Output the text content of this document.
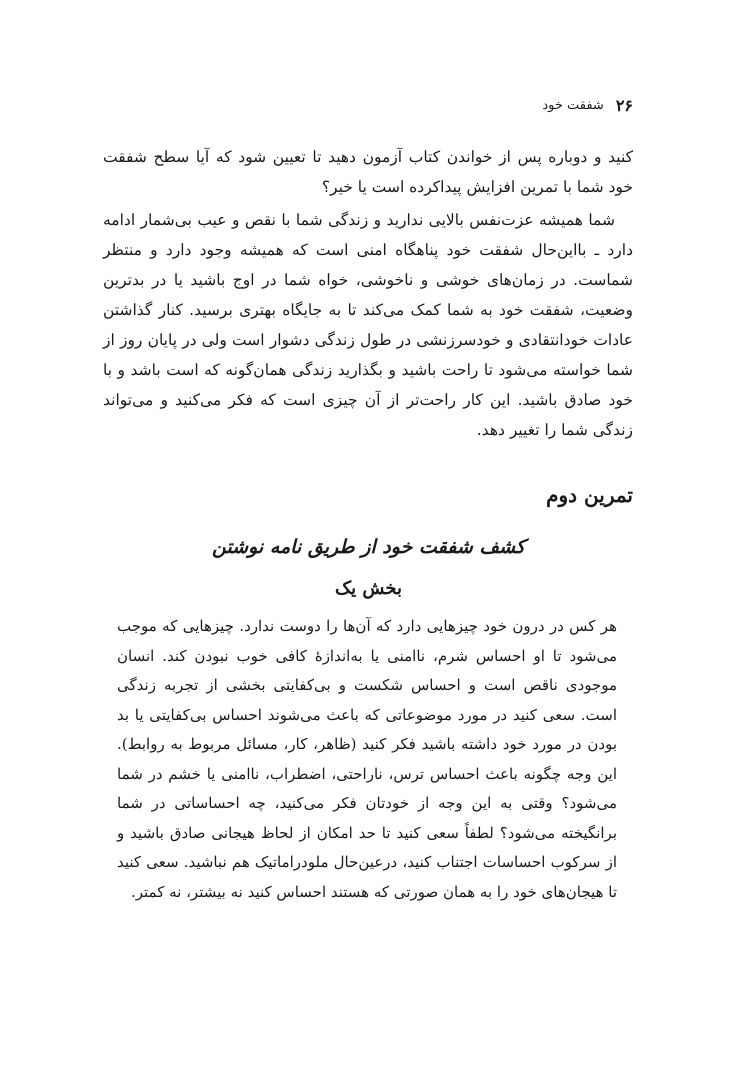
۲۶
شفقت خود

کنید و دوباره پس از خواندن کتاب آزمون دهید تا تعیین شود که آیا سطح شفقت خود شما با تمرین افزایش پیداکرده است یا خیر؟

شما همیشه عزت‌نفس بالایی ندارید و زندگی شما با نقص و عیب بی‌شمار ادامه دارد ـ بااین‌حال شفقت خود پناهگاه امنی است که همیشه وجود دارد و منتظر شماست. در زمان‌های خوشی و ناخوشی، خواه شما در اوج باشید یا در بدترین وضعیت، شفقت خود به شما کمک می‌کند تا به جایگاه بهتری برسید. کنار گذاشتن عادات خودانتقادی و خودسرزنشی در طول زندگی دشوار است ولی در پایان روز از شما خواسته می‌شود تا راحت باشید و بگذارید زندگی همان‌گونه که است باشد و با خود صادق باشید. این کار راحت‌تر از آن چیزی است که فکر می‌کنید و می‌تواند زندگی شما را تغییر دهد.

تمرین دوم
کشف شفقت خود از طریق نامه نوشتن
بخش یک

هر کس در درون خود چیزهایی دارد که آن‌ها را دوست ندارد. چیزهایی که موجب می‌شود تا او احساس شرم، ناامنی یا به‌اندازهٔ کافی خوب نبودن کند. انسان موجودی ناقص است و احساس شکست و بی‌کفایتی بخشی از تجربه زندگی است. سعی کنید در مورد موضوعاتی که باعث می‌شوند احساس بی‌کفایتی یا بد بودن در مورد خود داشته باشید فکر کنید (ظاهر، کار، مسائل مربوط به روابط). این وجه چگونه باعث احساس ترس، ناراحتی، اضطراب، ناامنی یا خشم در شما می‌شود؟ وقتی به این وجه از خودتان فکر می‌کنید، چه احساساتی در شما برانگیخته می‌شود؟ لطفاً سعی کنید تا حد امکان از لحاظ هیجانی صادق باشید و از سرکوب احساسات اجتناب کنید، درعین‌حال ملودراماتیک هم نباشید. سعی کنید تا هیجان‌های خود را به همان صورتی که هستند احساس کنید نه بیشتر، نه کمتر.
